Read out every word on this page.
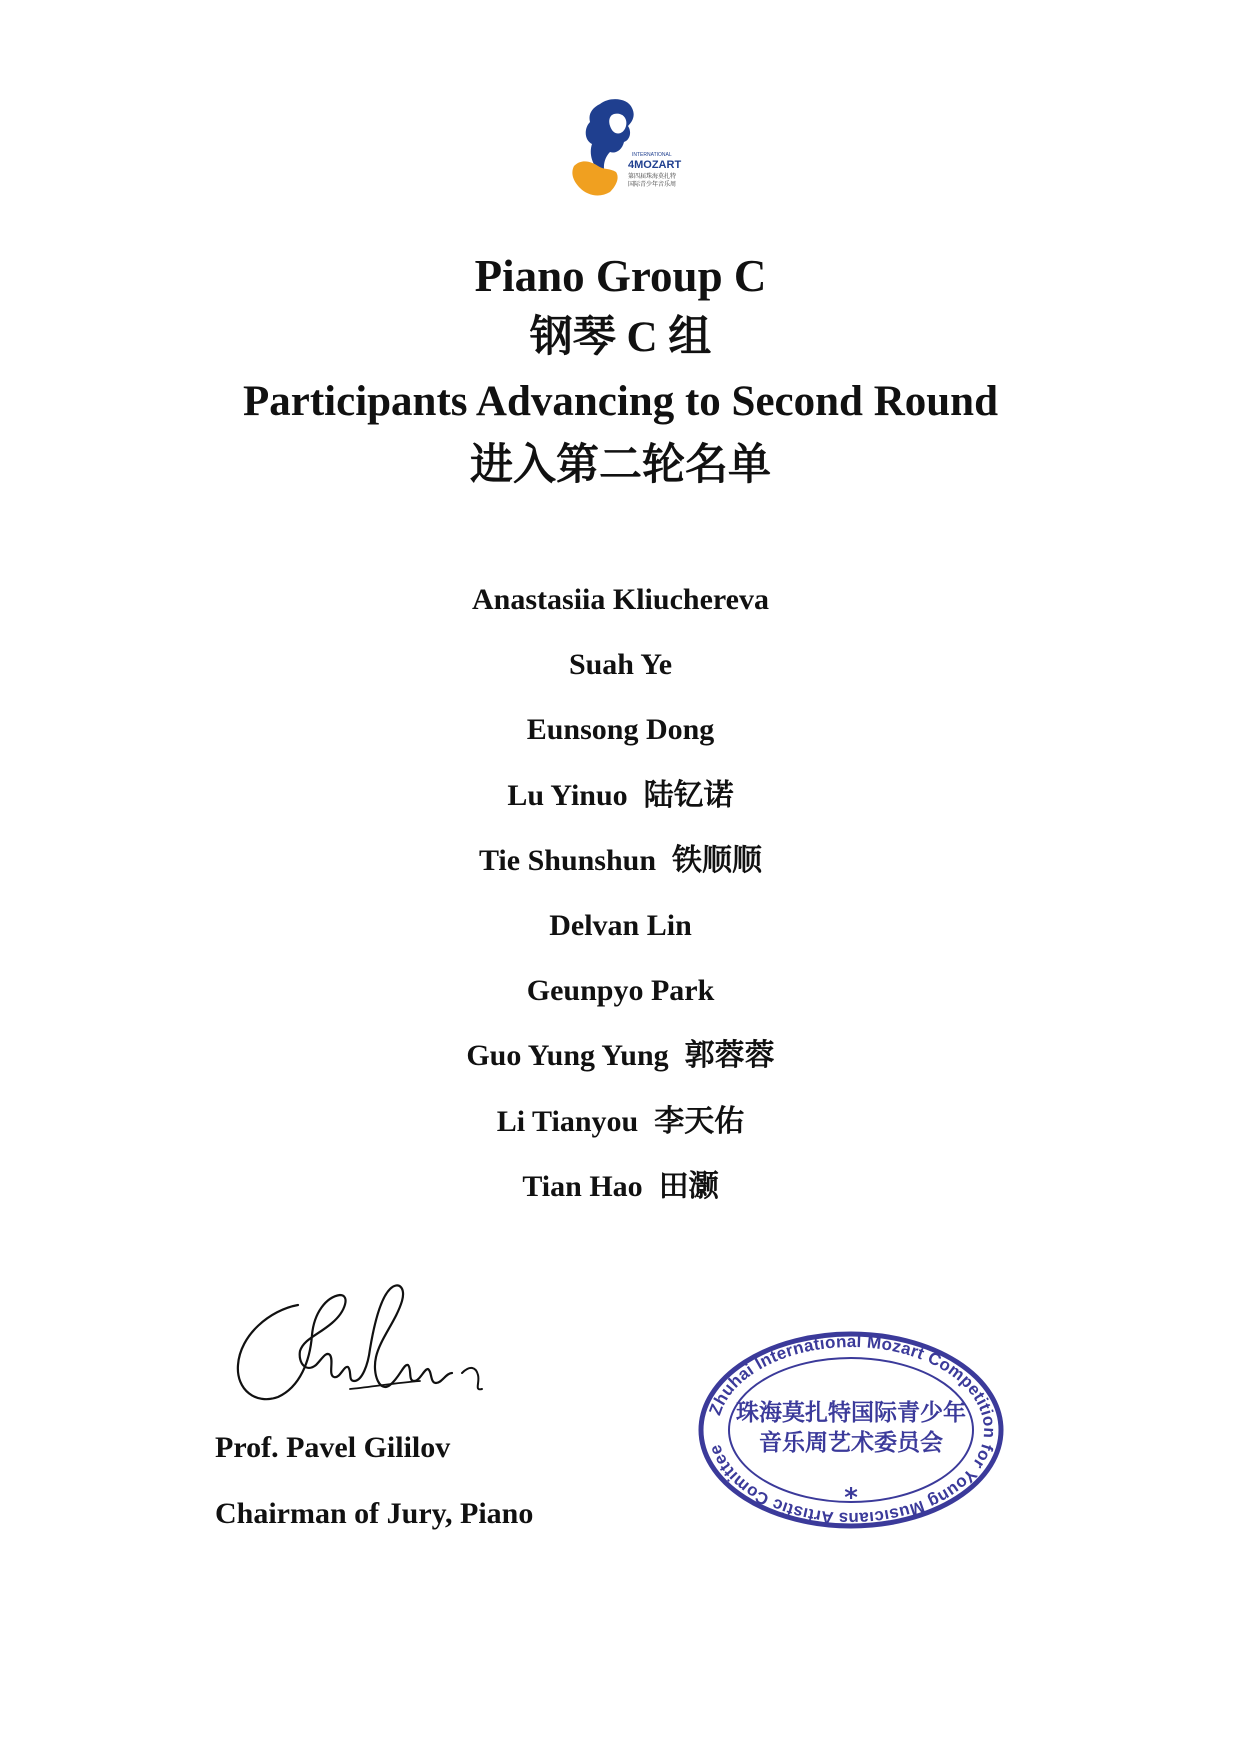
INTERNATIONAL
4MOZART
第四届珠海莫扎特
国际青少年音乐周
Piano Group C
钢琴 C 组
Participants Advancing to Second Round
进入第二轮名单
Anastasiia Kliuchereva
Suah Ye
Eunsong Dong
Lu Yinuo 陆钇诺
Tie Shunshun 铁顺顺
Delvan Lin
Geunpyo Park
Guo Yung Yung 郭蓉蓉
Li Tianyou 李天佑
Tian Hao 田灏
Prof. Pavel Gililov
Chairman of Jury, Piano
Zhuhai International Mozart Competition for Young Musicians Artistic Comittee
珠海莫扎特国际青少年
音乐周艺术委员会
*
